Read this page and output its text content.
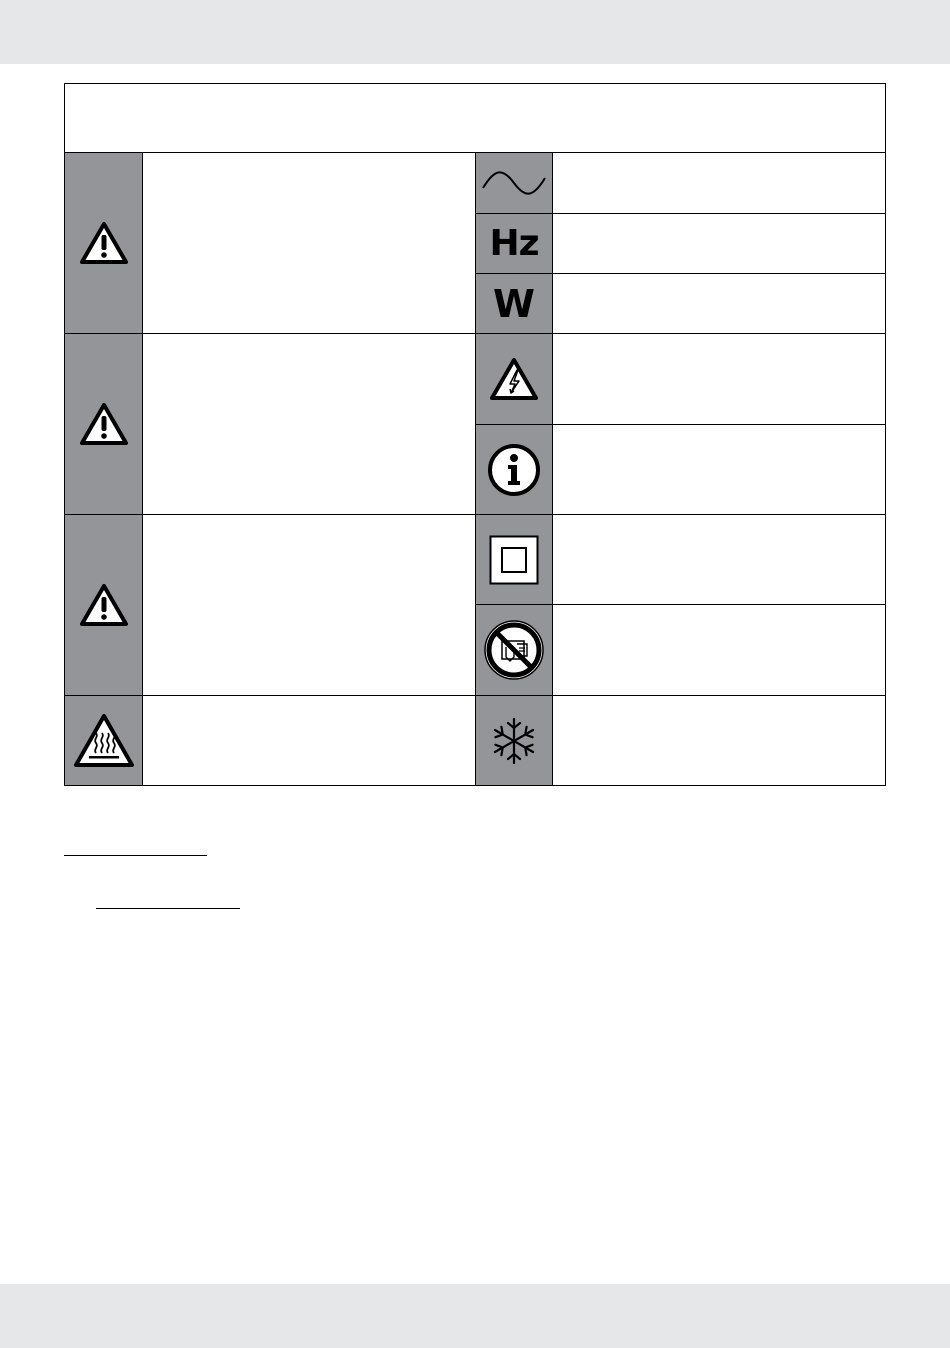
Hz
W
